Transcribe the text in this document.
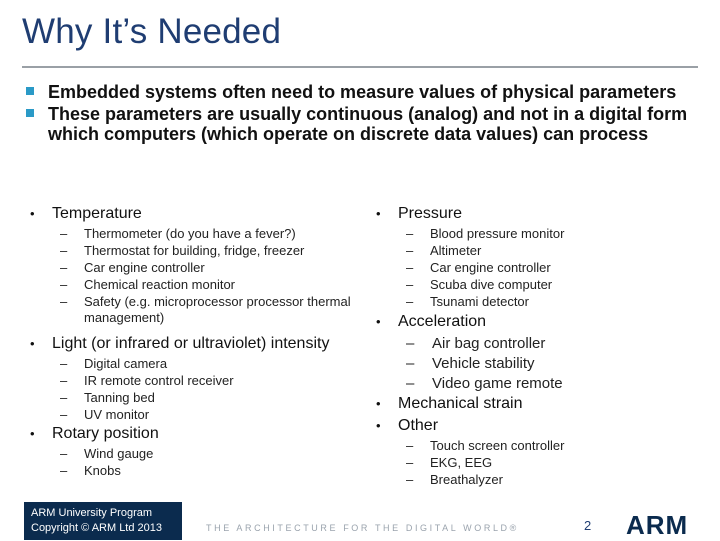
Why It’s Needed
Embedded systems often need to measure values of physical parameters
These parameters are usually continuous (analog) and not in a digital form which computers (which operate on discrete data values) can process
• Temperature
– Thermometer (do you have a fever?)
– Thermostat for building, fridge, freezer
– Car engine controller
– Chemical reaction monitor
– Safety (e.g. microprocessor processor thermal management)
• Light (or infrared or ultraviolet) intensity
– Digital camera
– IR remote control receiver
– Tanning bed
– UV monitor
• Rotary position
– Wind gauge
– Knobs
• Pressure
– Blood pressure monitor
– Altimeter
– Car engine controller
– Scuba dive computer
– Tsunami detector
• Acceleration
– Air bag controller
– Vehicle stability
– Video game remote
• Mechanical strain
• Other
– Touch screen controller
– EKG, EEG
– Breathalyzer
ARM University Program
Copyright © ARM Ltd 2013	THE ARCHITECTURE FOR THE DIGITAL WORLD®	2 ARM
